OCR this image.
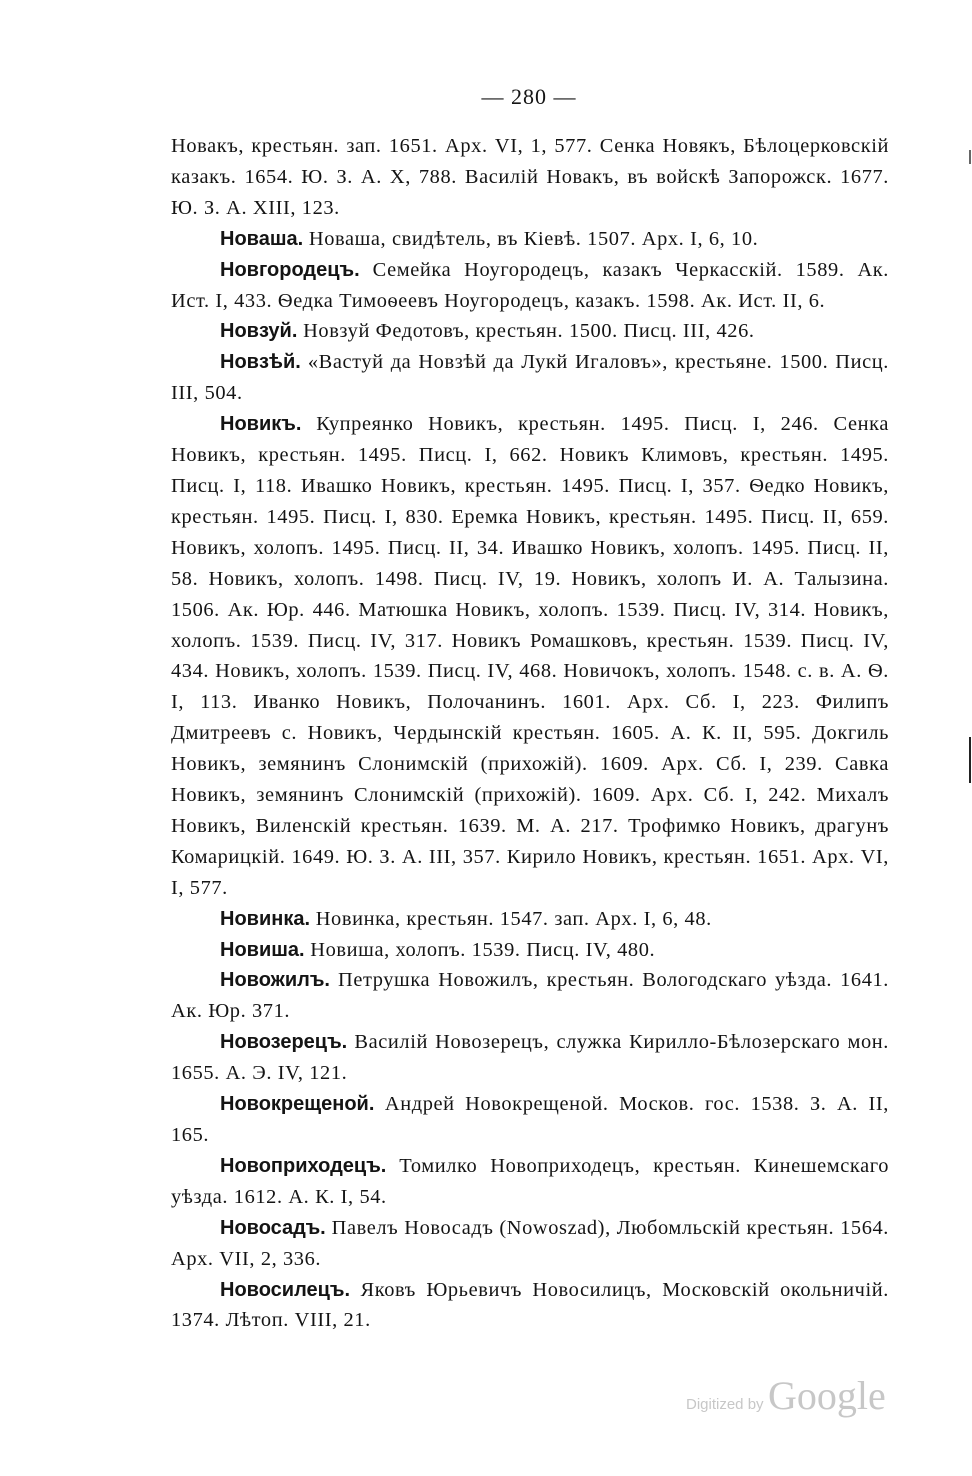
— 280 —

Новакъ, крестьян. зап. 1651. Арх. VI, 1, 577. Сенка Новякъ, Бѣлоцерковскій казакъ. 1654. Ю. З. А. X, 788. Василій Новакъ, въ войскѣ Запорожск. 1677. Ю. З. А. XIII, 123.

Новаша. Новаша, свидѣтель, въ Кіевѣ. 1507. Арх. I, 6, 10.

Новгородецъ. Семейка Ноугородецъ, казакъ Черкасскій. 1589. Ак. Ист. I, 433. Ѳедка Тимоѳеевъ Ноугородецъ, казакъ. 1598. Ак. Ист. II, 6.

Новзуй. Новзуй Федотовъ, крестьян. 1500. Писц. III, 426.

Новзѣй. «Вастуй да Новзѣй да Лукй Игаловъ», крестьяне. 1500. Писц. III, 504.

Новикъ. Купреянко Новикъ, крестьян. 1495. Писц. I, 246. Сенка Новикъ, крестьян. 1495. Писц. I, 662. Новикъ Климовъ, крестьян. 1495. Писц. I, 118. Ивашко Новикъ, крестьян. 1495. Писц. I, 357. Ѳедко Новикъ, крестьян. 1495. Писц. I, 830. Еремка Новикъ, крестьян. 1495. Писц. II, 659. Новикъ, холопъ. 1495. Писц. II, 34. Ивашко Новикъ, холопъ. 1495. Писц. II, 58. Новикъ, холопъ. 1498. Писц. IV, 19. Новикъ, холопъ И. А. Талызина. 1506. Ак. Юр. 446. Матюшка Новикъ, холопъ. 1539. Писц. IV, 314. Новикъ, холопъ. 1539. Писц. IV, 317. Новикъ Ромашковъ, крестьян. 1539. Писц. IV, 434. Новикъ, холопъ. 1539. Писц. IV, 468. Новичокъ, холопъ. 1548. с. в. А. Ѳ. I, 113. Иванко Новикъ, Полочанинъ. 1601. Арх. Сб. I, 223. Филипъ Дмитреевъ с. Новикъ, Чердынскій крестьян. 1605. А. К. II, 595. Докгиль Новикъ, земянинъ Слонимскій (прихожій). 1609. Арх. Сб. I, 239. Савка Новикъ, земянинъ Слонимскій (прихожій). 1609. Арх. Сб. I, 242. Михалъ Новикъ, Виленскій крестьян. 1639. М. А. 217. Трофимко Новикъ, драгунъ Комарицкій. 1649. Ю. З. А. III, 357. Кирило Новикъ, крестьян. 1651. Арх. VI, I, 577.

Новинка. Новинка, крестьян. 1547. зап. Арх. I, 6, 48.

Новиша. Новиша, холопъ. 1539. Писц. IV, 480.

Новожилъ. Петрушка Новожилъ, крестьян. Вологодскаго уѣзда. 1641. Ак. Юр. 371.

Новозерецъ. Василій Новозерецъ, служка Кирилло-Бѣлозерскаго мон. 1655. А. Э. IV, 121.

Новокрещеной. Андрей Новокрещеной. Москов. гос. 1538. З. А. II, 165.

Новоприходецъ. Томилко Новоприходецъ, крестьян. Кинешемскаго уѣзда. 1612. А. К. I, 54.

Новосадъ. Павелъ Новосадъ (Nowoszad), Любомльскій крестьян. 1564. Арх. VII, 2, 336.

Новосилецъ. Яковъ Юрьевичъ Новосилицъ, Московскій окольничій. 1374. Лѣтоп. VIII, 21.

Digitized by Google
